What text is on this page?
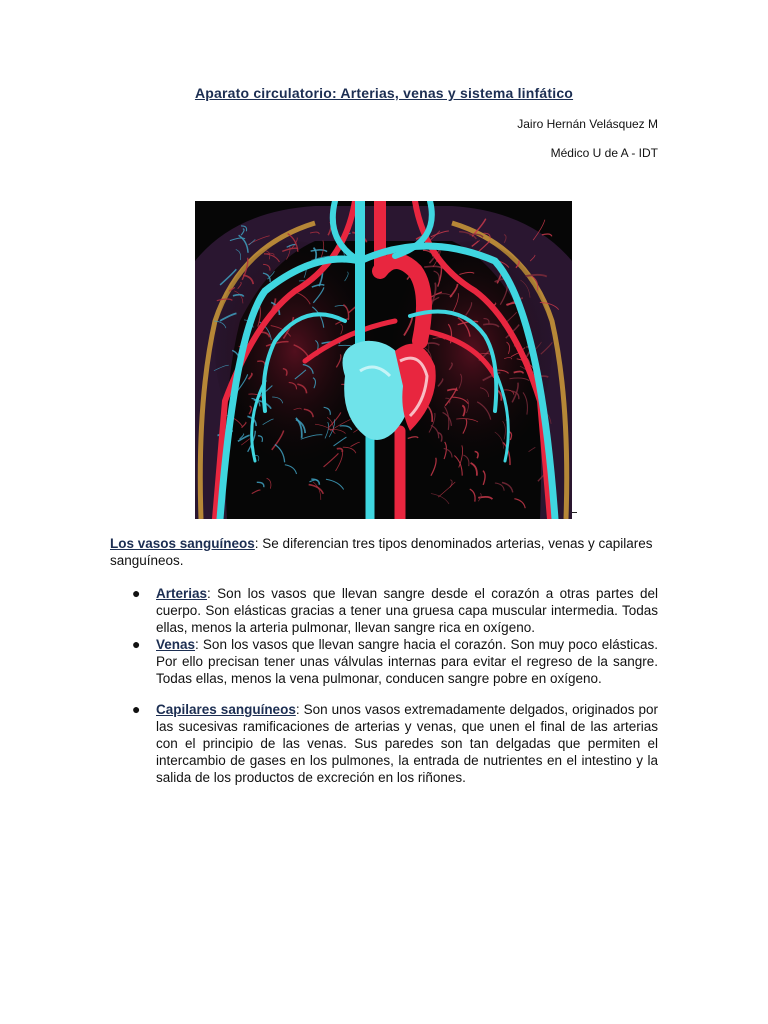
Aparato circulatorio: Arterias, venas y sistema linfático
Jairo Hernán Velásquez M
Médico U de A - IDT
Los vasos sanguíneos: Se diferencian tres tipos denominados arterias, venas y capilares sanguíneos.
● Arterias: Son los vasos que llevan sangre desde el corazón a otras partes del cuerpo. Son elásticas gracias a tener una gruesa capa muscular intermedia. Todas ellas, menos la arteria pulmonar, llevan sangre rica en oxígeno.
● Venas: Son los vasos que llevan sangre hacia el corazón. Son muy poco elásticas. Por ello precisan tener unas válvulas internas para evitar el regreso de la sangre. Todas ellas, menos la vena pulmonar, conducen sangre pobre en oxígeno.
● Capilares sanguíneos: Son unos vasos extremadamente delgados, originados por las sucesivas ramificaciones de arterias y venas, que unen el final de las arterias con el principio de las venas. Sus paredes son tan delgadas que permiten el intercambio de gases en los pulmones, la entrada de nutrientes en el intestino y la salida de los productos de excreción en los riñones.
